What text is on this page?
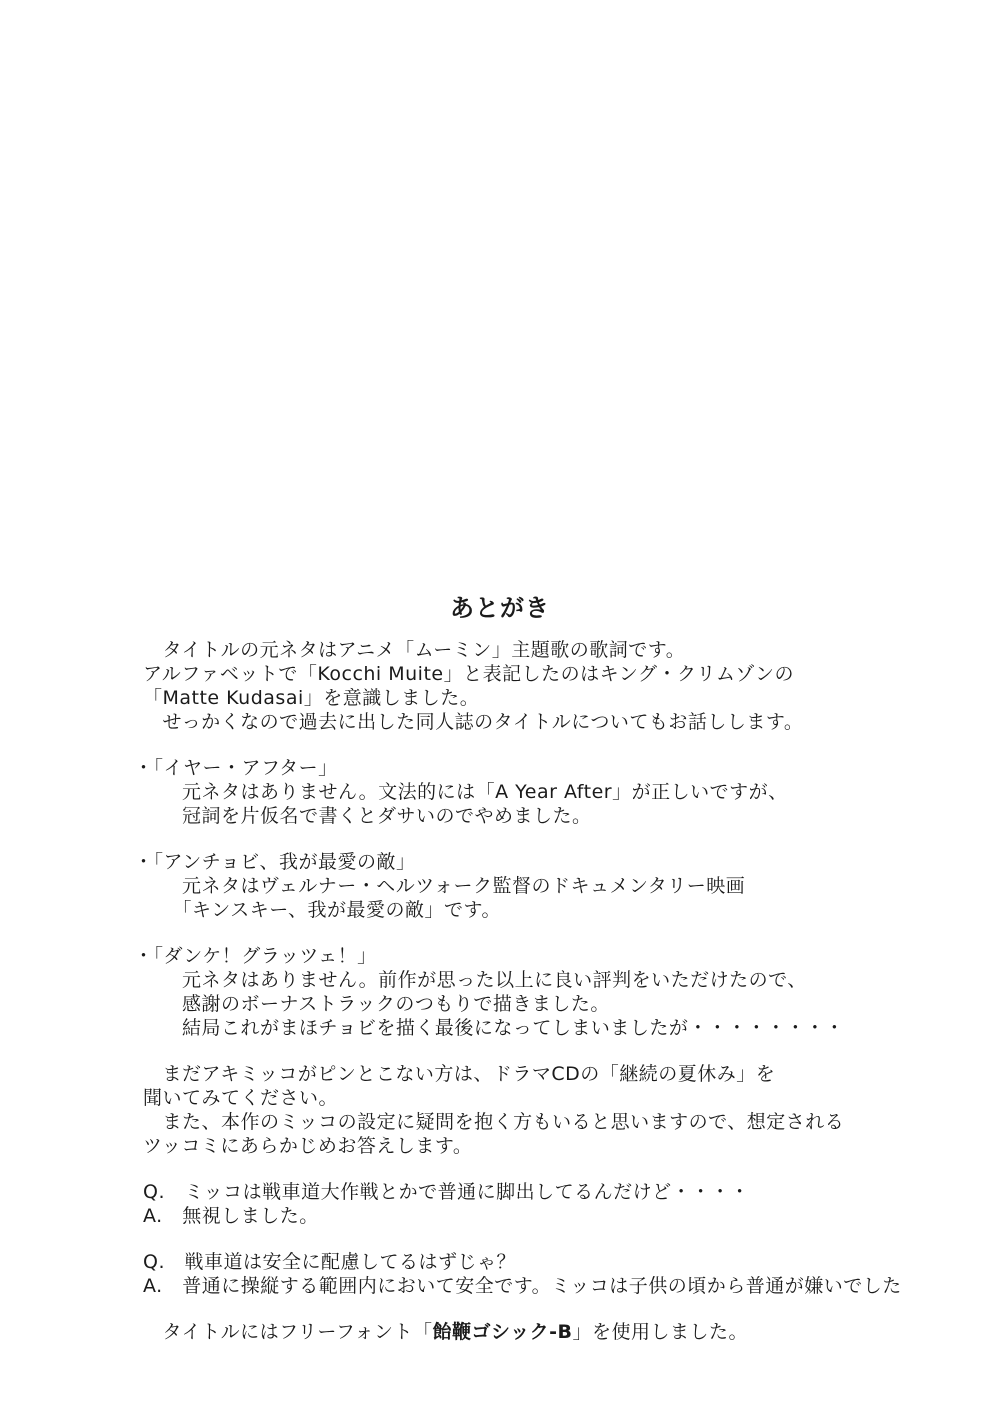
あとがき
　タイトルの元ネタはアニメ「ムーミン」主題歌の歌詞です。
アルファベットで「Kocchi Muite」と表記したのはキング・クリムゾンの
「Matte Kudasai」を意識しました。
　せっかくなので過去に出した同人誌のタイトルについてもお話しします。
・「イヤー・アフター」
　　元ネタはありません。文法的には「A Year After」が正しいですが、
　　冠詞を片仮名で書くとダサいのでやめました。
・「アンチョビ、我が最愛の敵」
　　元ネタはヴェルナー・ヘルツォーク監督のドキュメンタリー映画
　　「キンスキー、我が最愛の敵」です。
・「ダンケ！グラッツェ！」
　　元ネタはありません。前作が思った以上に良い評判をいただけたので、
　　感謝のボーナストラックのつもりで描きました。
　　結局これがまほチョビを描く最後になってしまいましたが・・・・・・・・
　まだアキミッコがピンとこない方は、ドラマCDの「継続の夏休み」を
聞いてみてください。
　また、本作のミッコの設定に疑問を抱く方もいると思いますので、想定される
ツッコミにあらかじめお答えします。
Q.　ミッコは戦車道大作戦とかで普通に脚出してるんだけど・・・・
A.　無視しました。
Q.　戦車道は安全に配慮してるはずじゃ？
A.　普通に操縦する範囲内において安全です。ミッコは子供の頃から普通が嫌いでした
　タイトルにはフリーフォント「飴鞭ゴシック-B」を使用しました。
